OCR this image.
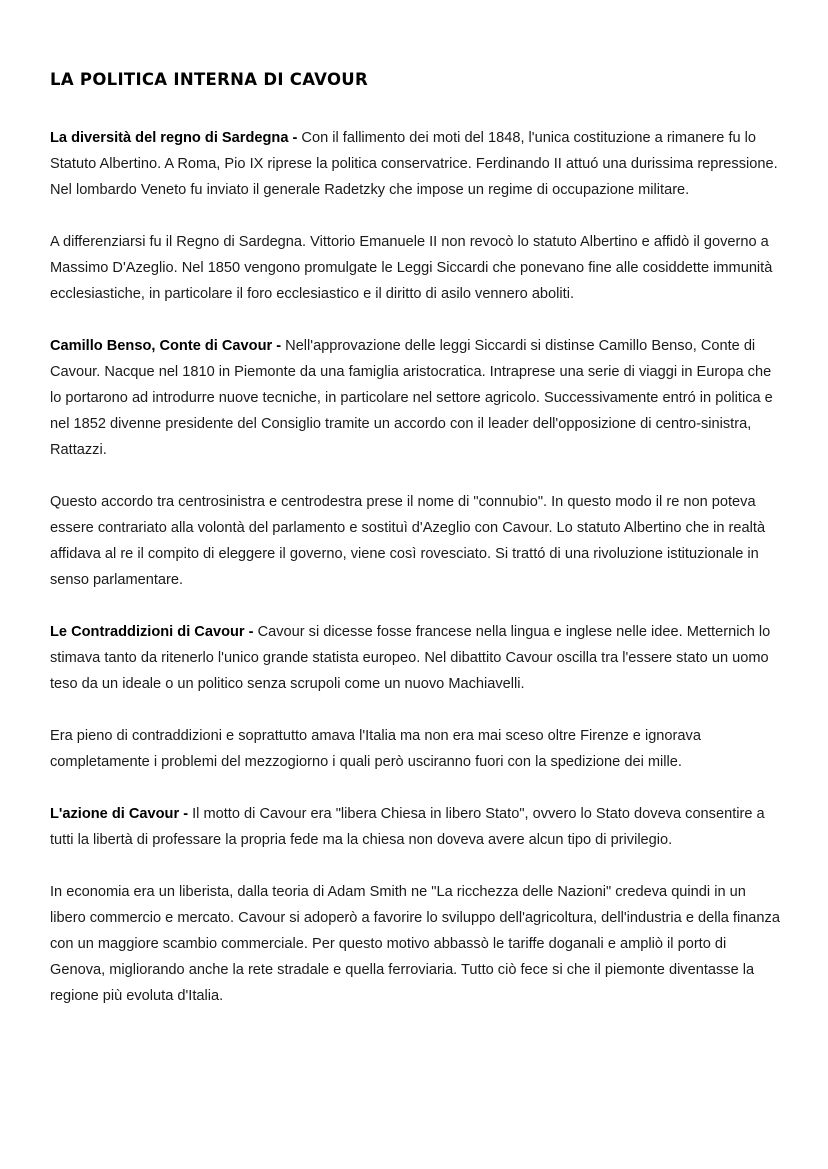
LA POLITICA INTERNA DI CAVOUR

La diversità del regno di Sardegna - Con il fallimento dei moti del 1848, l'unica costituzione a rimanere fu lo Statuto Albertino. A Roma, Pio IX riprese la politica conservatrice. Ferdinando II attuó una durissima repressione. Nel lombardo Veneto fu inviato il generale Radetzky che impose un regime di occupazione militare.

A differenziarsi fu il Regno di Sardegna. Vittorio Emanuele II non revocò lo statuto Albertino e affidò il governo a Massimo D'Azeglio. Nel 1850 vengono promulgate le Leggi Siccardi che ponevano fine alle cosiddette immunità ecclesiastiche, in particolare il foro ecclesiastico e il diritto di asilo vennero aboliti.

Camillo Benso, Conte di Cavour - Nell'approvazione delle leggi Siccardi si distinse Camillo Benso, Conte di Cavour. Nacque nel 1810 in Piemonte da una famiglia aristocratica. Intraprese una serie di viaggi in Europa che lo portarono ad introdurre nuove tecniche, in particolare nel settore agricolo. Successivamente entró in politica e nel 1852 divenne presidente del Consiglio tramite un accordo con il leader dell'opposizione di centro-sinistra, Rattazzi.

Questo accordo tra centrosinistra e centrodestra prese il nome di "connubio". In questo modo il re non poteva essere contrariato alla volontà del parlamento e sostituì d'Azeglio con Cavour. Lo statuto Albertino che in realtà affidava al re il compito di eleggere il governo, viene così rovesciato. Si trattó di una rivoluzione istituzionale in senso parlamentare.

Le Contraddizioni di Cavour - Cavour si dicesse fosse francese nella lingua e inglese nelle idee. Metternich lo stimava tanto da ritenerlo l'unico grande statista europeo. Nel dibattito Cavour oscilla tra l'essere stato un uomo teso da un ideale o un politico senza scrupoli come un nuovo Machiavelli.

Era pieno di contraddizioni e soprattutto amava l'Italia ma non era mai sceso oltre Firenze e ignorava completamente i problemi del mezzogiorno i quali però usciranno fuori con la spedizione dei mille.

L'azione di Cavour - Il motto di Cavour era "libera Chiesa in libero Stato", ovvero lo Stato doveva consentire a tutti la libertà di professare la propria fede ma la chiesa non doveva avere alcun tipo di privilegio.

In economia era un liberista, dalla teoria di Adam Smith ne "La ricchezza delle Nazioni" credeva quindi in un libero commercio e mercato. Cavour si adoperò a favorire lo sviluppo dell'agricoltura, dell'industria e della finanza con un maggiore scambio commerciale. Per questo motivo abbassò le tariffe doganali e ampliò il porto di Genova, migliorando anche la rete stradale e quella ferroviaria. Tutto ciò fece si che il piemonte diventasse la regione più evoluta d'Italia.
